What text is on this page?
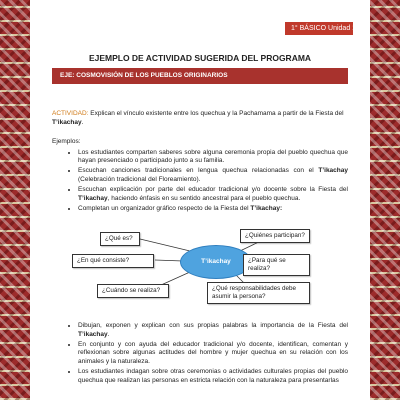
1° BÁSICO Unidad 1
EJEMPLO DE ACTIVIDAD SUGERIDA DEL PROGRAMA
EJE: COSMOVISIÓN DE LOS PUEBLOS ORIGINARIOS
ACTIVIDAD: Explican el vínculo existente entre los quechua y la Pachamama a partir de la Fiesta del T’ikachay.
Ejemplos:
• Los estudiantes comparten saberes sobre alguna ceremonia propia del pueblo quechua que hayan presenciado o participado junto a su familia.
• Escuchan canciones tradicionales en lengua quechua relacionadas con el T’ikachay (Celebración tradicional del Floreamiento).
• Escuchan explicación por parte del educador tradicional y/o docente sobre la Fiesta del T’ikachay, haciendo énfasis en su sentido ancestral para el pueblo quechua.
• Completan un organizador gráfico respecto de la Fiesta del T’ikachay:
T’ikachay
¿Qué es?
¿En qué consiste?
¿Cuándo se realiza?
¿Quiénes participan?
¿Para qué se realiza?
¿Qué responsabilidades debe asumir la persona?
• Dibujan, exponen y explican con sus propias palabras la importancia de la Fiesta del T’ikachay.
• En conjunto y con ayuda del educador tradicional y/o docente, identifican, comentan y reflexionan sobre algunas actitudes del hombre y mujer quechua en su relación con los animales y la naturaleza.
• Los estudiantes indagan sobre otras ceremonias o actividades culturales propias del pueblo quechua que realizan las personas en estricta relación con la naturaleza para presentarlas
